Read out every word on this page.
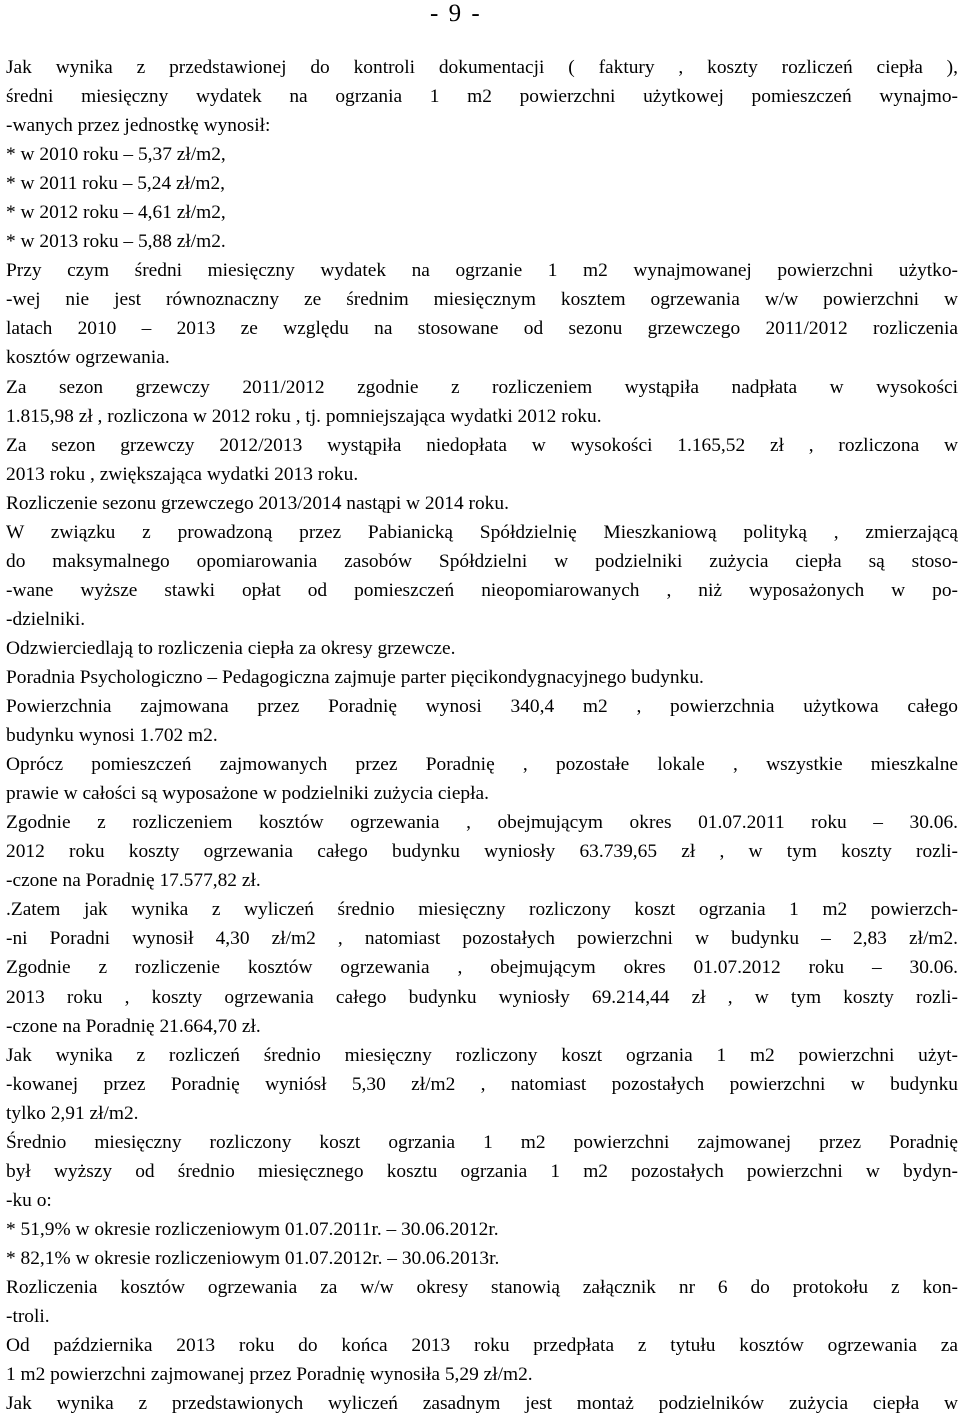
- 9 -
Jak wynika z przedstawionej do kontroli dokumentacji ( faktury , koszty rozliczeń ciepła ),
średni miesięczny wydatek na ogrzania 1 m2 powierzchni użytkowej pomieszczeń wynajmo-
-wanych przez jednostkę wynosił:
* w 2010 roku – 5,37 zł/m2,
* w 2011 roku – 5,24 zł/m2,
* w 2012 roku – 4,61 zł/m2,
* w 2013 roku – 5,88 zł/m2.
Przy czym średni miesięczny wydatek na ogrzanie 1 m2 wynajmowanej powierzchni użytko-
-wej nie jest równoznaczny ze średnim miesięcznym kosztem ogrzewania w/w powierzchni w
latach 2010 – 2013 ze względu na stosowane od sezonu grzewczego 2011/2012 rozliczenia
kosztów ogrzewania.
Za sezon grzewczy 2011/2012 zgodnie z rozliczeniem wystąpiła nadpłata w wysokości
1.815,98 zł , rozliczona w 2012 roku , tj. pomniejszająca wydatki 2012 roku.
Za sezon grzewczy 2012/2013 wystąpiła niedopłata w wysokości 1.165,52 zł , rozliczona w
2013 roku , zwiększająca wydatki 2013 roku.
Rozliczenie sezonu grzewczego 2013/2014 nastąpi w 2014 roku.
W związku z prowadzoną przez Pabianicką Spółdzielnię Mieszkaniową polityką , zmierzającą
do maksymalnego opomiarowania zasobów Spółdzielni w podzielniki zużycia ciepła są stoso-
-wane wyższe stawki opłat od pomieszczeń nieopomiarowanych , niż wyposażonych w po-
-dzielniki.
Odzwierciedlają to rozliczenia ciepła za okresy grzewcze.
Poradnia Psychologiczno – Pedagogiczna zajmuje parter pięcikondygnacyjnego budynku.
Powierzchnia zajmowana przez Poradnię wynosi 340,4 m2 , powierzchnia użytkowa całego
budynku wynosi 1.702 m2.
Oprócz pomieszczeń zajmowanych przez Poradnię , pozostałe lokale , wszystkie mieszkalne
prawie w całości są wyposażone w podzielniki zużycia ciepła.
Zgodnie z rozliczeniem kosztów ogrzewania , obejmującym okres 01.07.2011 roku – 30.06.
2012 roku koszty ogrzewania całego budynku wyniosły 63.739,65 zł , w tym koszty rozli-
-czone na Poradnię 17.577,82 zł.
.Zatem jak wynika z wyliczeń średnio miesięczny rozliczony koszt ogrzania 1 m2 powierzch-
-ni Poradni wynosił 4,30 zł/m2 , natomiast pozostałych powierzchni w budynku – 2,83 zł/m2.
Zgodnie z rozliczenie kosztów ogrzewania , obejmującym okres 01.07.2012 roku – 30.06.
2013 roku , koszty ogrzewania całego budynku wyniosły 69.214,44 zł , w tym koszty rozli-
-czone na Poradnię 21.664,70 zł.
Jak wynika z rozliczeń średnio miesięczny rozliczony koszt ogrzania 1 m2 powierzchni użyt-
-kowanej przez Poradnię wyniósł 5,30 zł/m2 , natomiast pozostałych powierzchni w budynku
tylko 2,91 zł/m2.
Średnio miesięczny rozliczony koszt ogrzania 1 m2 powierzchni zajmowanej przez Poradnię
był wyższy od średnio miesięcznego kosztu ogrzania 1 m2 pozostałych powierzchni w bydyn-
-ku o:
* 51,9% w okresie rozliczeniowym 01.07.2011r. – 30.06.2012r.
* 82,1% w okresie rozliczeniowym 01.07.2012r. – 30.06.2013r.
Rozliczenia kosztów ogrzewania za w/w okresy stanowią załącznik nr 6 do protokołu z kon-
-troli.
Od października 2013 roku do końca 2013 roku przedpłata z tytułu kosztów ogrzewania za
1 m2 powierzchni zajmowanej przez Poradnię wynosiła 5,29 zł/m2.
Jak wynika z przedstawionych wyliczeń zasadnym jest montaż podzielników zużycia ciepła w
